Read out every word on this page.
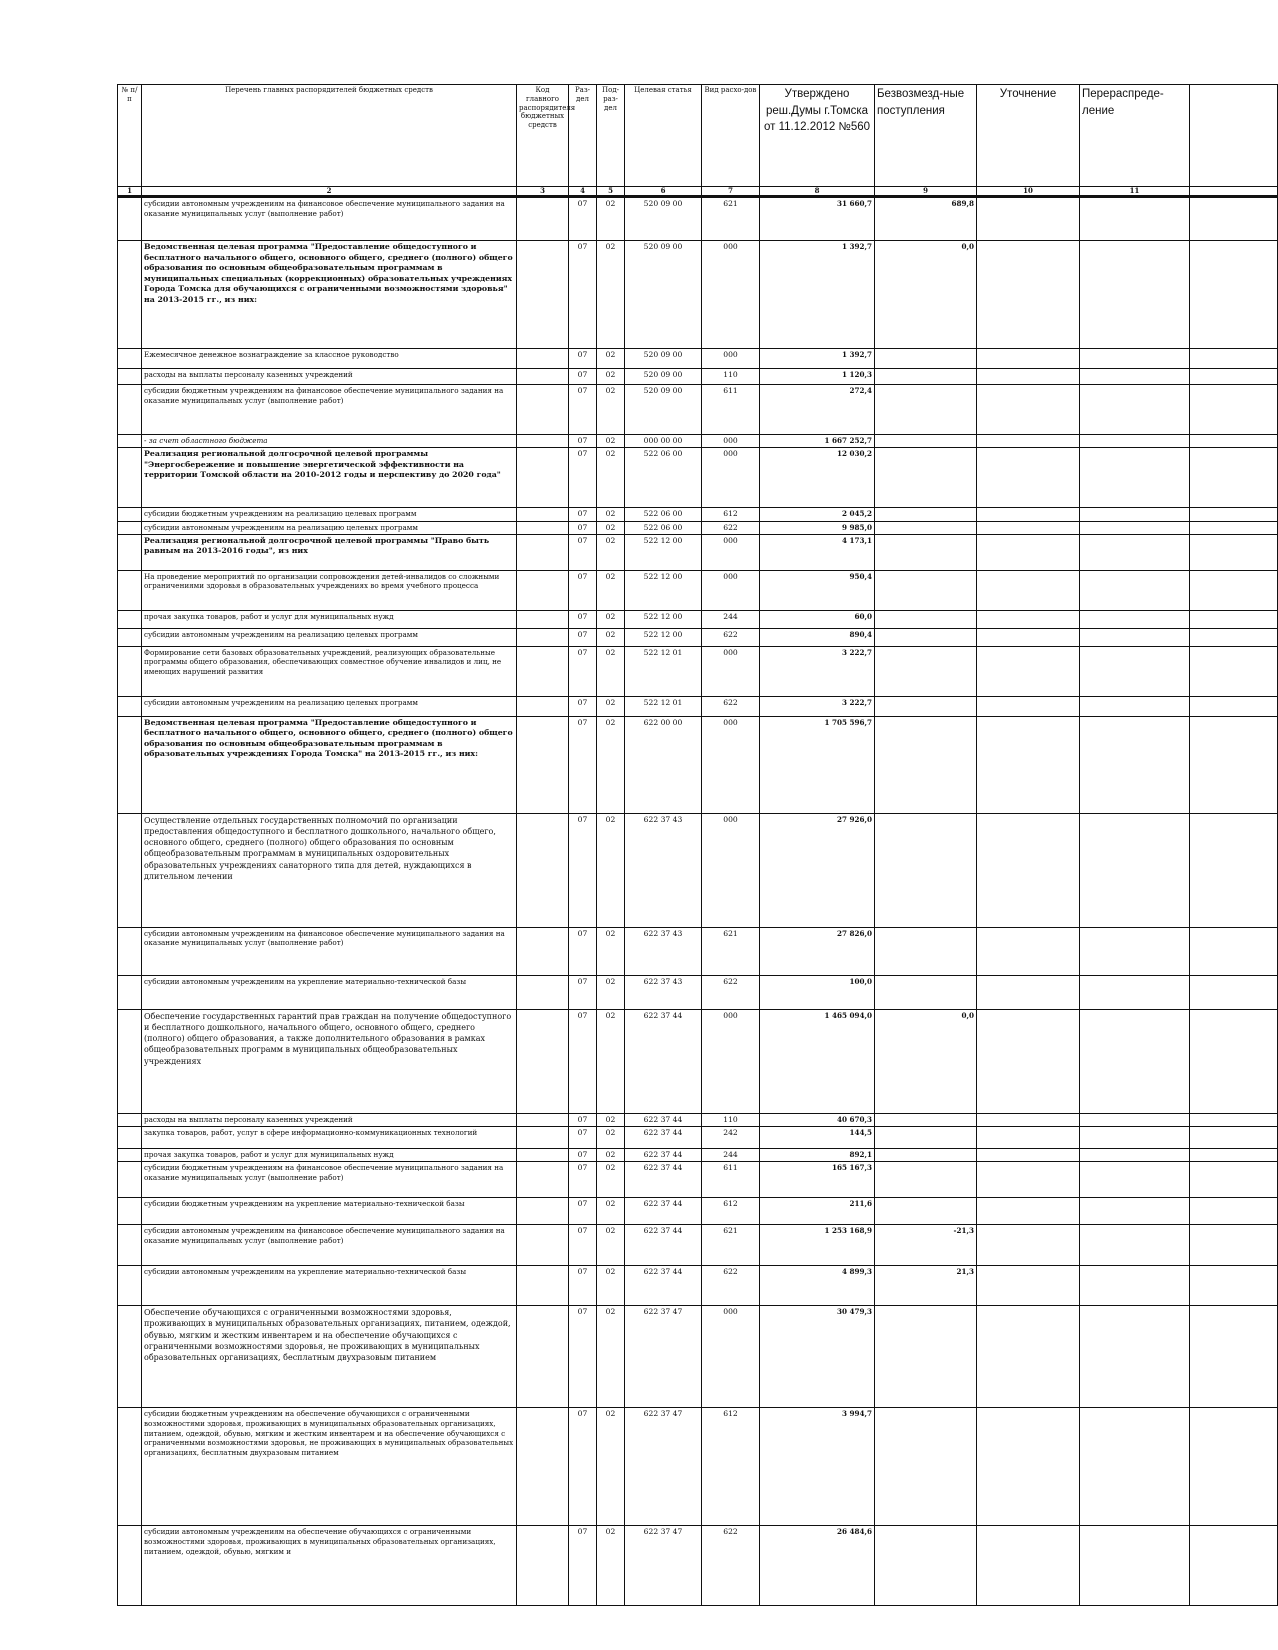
№ п/п	Перечень главных распорядителей бюджетных средств	Код главного распорядителя бюджетных средств	Раз-дел	Под-раз-дел	Целевая статья	Вид расхо-дов	Утверждено реш.Думы г.Томска от 11.12.2012 №560	Безвозмезд-ные поступления	Уточнение	Перераспреде-ление	
1	2	3	4	5	6	7	8	9	10	11	
	субсидии автономным учреждениям на финансовое обеспечение муниципального задания на оказание муниципальных услуг (выполнение работ)		07	02	520 09 00	621	31 660,7	689,8			
	Ведомственная целевая программа "Предоставление общедоступного и бесплатного начального общего, основного общего, среднего (полного) общего образования по основным общеобразовательным программам в муниципальных специальных (коррекционных) образовательных учреждениях Города Томска для обучающихся с ограниченными возможностями здоровья" на 2013-2015 гг., из них:		07	02	520 09 00	000	1 392,7	0,0			
	Ежемесячное денежное вознаграждение за классное руководство		07	02	520 09 00	000	1 392,7				
	расходы на выплаты персоналу казенных учреждений		07	02	520 09 00	110	1 120,3				
	субсидии бюджетным учреждениям на финансовое обеспечение муниципального задания на оказание муниципальных услуг (выполнение работ)		07	02	520 09 00	611	272,4				
	- за счет областного бюджета		07	02	000 00 00	000	1 667 252,7				
	Реализация региональной долгосрочной целевой программы "Энергосбережение и повышение энергетической эффективности на территории Томской области на 2010-2012 годы и перспективу до 2020 года"		07	02	522 06 00	000	12 030,2				
	субсидии бюджетным учреждениям на реализацию целевых программ		07	02	522 06 00	612	2 045,2				
	субсидии автономным учреждениям на реализацию целевых программ		07	02	522 06 00	622	9 985,0				
	Реализация региональной долгосрочной целевой программы "Право быть равным на 2013-2016 годы", из них		07	02	522 12 00	000	4 173,1				
	На проведение мероприятий по организации сопровождения детей-инвалидов со сложными ограничениями здоровья в образовательных учреждениях во время учебного процесса		07	02	522 12 00	000	950,4				
	прочая закупка товаров, работ и услуг для муниципальных нужд		07	02	522 12 00	244	60,0				
	субсидии автономным учреждениям на реализацию целевых программ		07	02	522 12 00	622	890,4				
	Формирование сети базовых образовательных учреждений, реализующих образовательные программы общего образования, обеспечивающих совместное обучение инвалидов и лиц, не имеющих нарушений развития		07	02	522 12 01	000	3 222,7				
	субсидии автономным учреждениям на реализацию целевых программ		07	02	522 12 01	622	3 222,7				
	Ведомственная целевая программа "Предоставление общедоступного и бесплатного начального общего, основного общего, среднего (полного) общего образования по основным общеобразовательным программам в образовательных учреждениях Города Томска" на 2013-2015 гг., из них:		07	02	622 00 00	000	1 705 596,7				
	Осуществление отдельных государственных полномочий по организации предоставления общедоступного и бесплатного дошкольного, начального общего, основного общего, среднего (полного) общего образования по основным общеобразовательным программам в муниципальных оздоровительных образовательных учреждениях санаторного типа для детей, нуждающихся в длительном лечении		07	02	622 37 43	000	27 926,0				
	субсидии автономным учреждениям на финансовое обеспечение муниципального задания на оказание муниципальных услуг (выполнение работ)		07	02	622 37 43	621	27 826,0				
	субсидии автономным учреждениям на укрепление материально-технической базы		07	02	622 37 43	622	100,0				
	Обеспечение государственных гарантий прав граждан на получение общедоступного и бесплатного дошкольного, начального общего, основного общего, среднего (полного) общего образования, а также дополнительного образования в рамках общеобразовательных программ в муниципальных общеобразовательных учреждениях		07	02	622 37 44	000	1 465 094,0	0,0			
	расходы на выплаты персоналу казенных учреждений		07	02	622 37 44	110	40 670,3				
	закупка товаров, работ, услуг в сфере информационно-коммуникационных технологий		07	02	622 37 44	242	144,5				
	прочая закупка товаров, работ и услуг для муниципальных нужд		07	02	622 37 44	244	892,1				
	субсидии бюджетным учреждениям на финансовое обеспечение муниципального задания на оказание муниципальных услуг (выполнение работ)		07	02	622 37 44	611	165 167,3				
	субсидии бюджетным учреждениям на укрепление материально-технической базы		07	02	622 37 44	612	211,6				
	субсидии автономным учреждениям на финансовое обеспечение муниципального задания на оказание муниципальных услуг (выполнение работ)		07	02	622 37 44	621	1 253 168,9	-21,3			
	субсидии автономным учреждениям на укрепление материально-технической базы		07	02	622 37 44	622	4 899,3	21,3			
	Обеспечение обучающихся с ограниченными возможностями здоровья, проживающих в муниципальных образовательных организациях, питанием, одеждой, обувью, мягким и жестким инвентарем и на обеспечение обучающихся с ограниченными возможностями здоровья, не проживающих в муниципальных образовательных организациях, бесплатным двухразовым питанием		07	02	622 37 47	000	30 479,3				
	субсидии бюджетным учреждениям на обеспечение обучающихся с ограниченными возможностями здоровья, проживающих в муниципальных образовательных организациях, питанием, одеждой, обувью, мягким и жестким инвентарем и на обеспечение обучающихся с ограниченными возможностями здоровья, не проживающих в муниципальных образовательных организациях, бесплатным двухразовым питанием		07	02	622 37 47	612	3 994,7				
	субсидии автономным учреждениям на обеспечение обучающихся с ограниченными возможностями здоровья, проживающих в муниципальных образовательных организациях, питанием, одеждой, обувью, мягким и		07	02	622 37 47	622	26 484,6				
